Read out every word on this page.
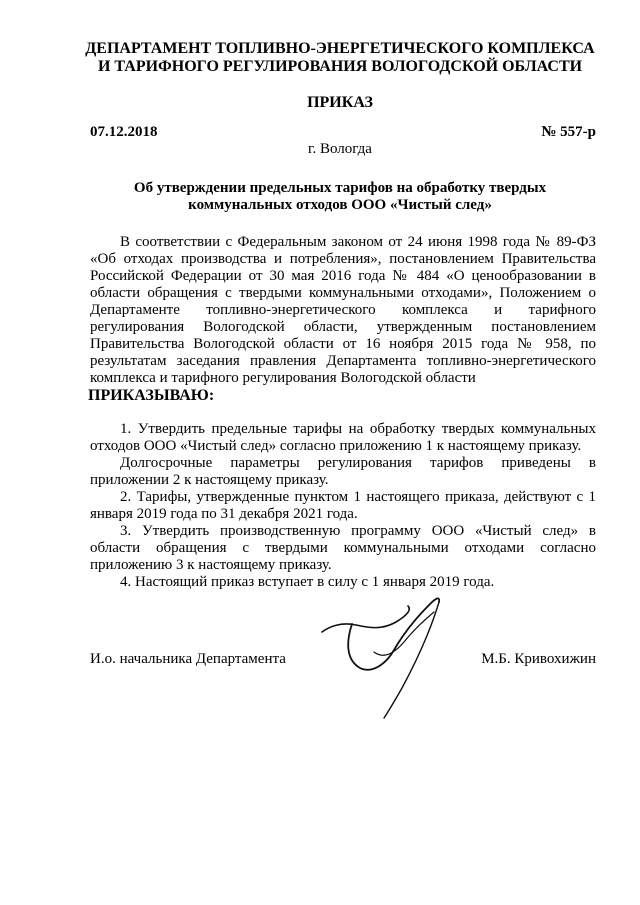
ДЕПАРТАМЕНТ ТОПЛИВНО-ЭНЕРГЕТИЧЕСКОГО КОМПЛЕКСА
И ТАРИФНОГО РЕГУЛИРОВАНИЯ ВОЛОГОДСКОЙ ОБЛАСТИ
ПРИКАЗ
07.12.2018	№ 557-р
г. Вологда
Об утверждении предельных тарифов на обработку твердых
коммунальных отходов ООО «Чистый след»

В соответствии с Федеральным законом от 24 июня 1998 года № 89-ФЗ «Об отходах производства и потребления», постановлением Правительства Российской Федерации от 30 мая 2016 года № 484 «О ценообразовании в области обращения с твердыми коммунальными отходами», Положением о Департаменте топливно-энергетического комплекса и тарифного регулирования Вологодской области, утвержденным постановлением Правительства Вологодской области от 16 ноября 2015 года № 958, по результатам заседания правления Департамента топливно-энергетического комплекса и тарифного регулирования Вологодской области

ПРИКАЗЫВАЮ:

1. Утвердить предельные тарифы на обработку твердых коммунальных отходов ООО «Чистый след» согласно приложению 1 к настоящему приказу.

Долгосрочные параметры регулирования тарифов приведены в приложении 2 к настоящему приказу.

2. Тарифы, утвержденные пунктом 1 настоящего приказа, действуют с 1 января 2019 года по 31 декабря 2021 года.

3. Утвердить производственную программу ООО «Чистый след» в области обращения с твердыми коммунальными отходами согласно приложению 3 к настоящему приказу.

4. Настоящий приказ вступает в силу с 1 января 2019 года.

И.о. начальника Департамента	М.Б. Кривохижин
